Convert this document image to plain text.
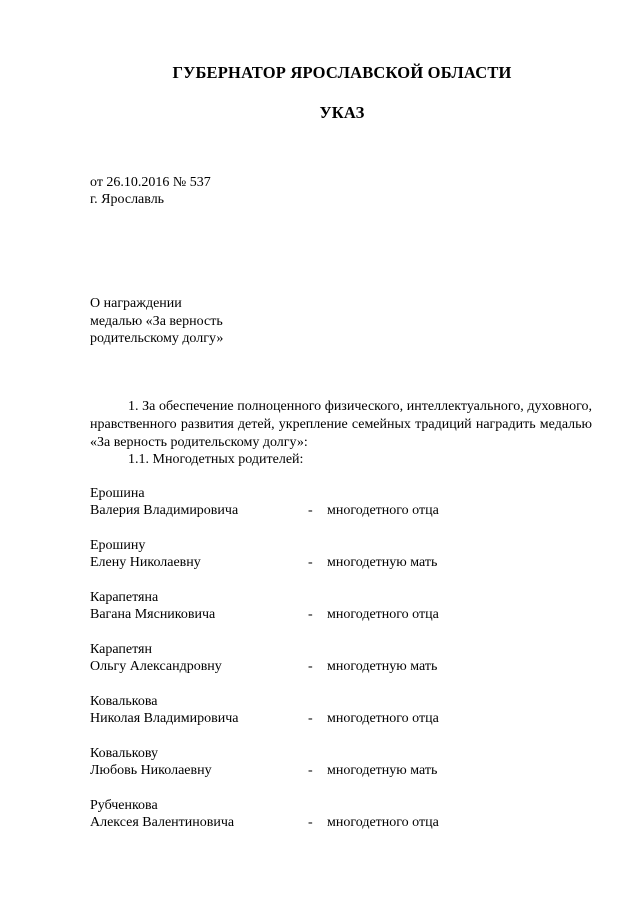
ГУБЕРНАТОР ЯРОСЛАВСКОЙ ОБЛАСТИ
УКАЗ
от 26.10.2016 № 537
г. Ярославль
О награждении
медалью «За верность
родительскому долгу»
1. За обеспечение полноценного физического, интеллектуального, духовного, нравственного развития детей, укрепление семейных традиций наградить медалью «За верность родительскому долгу»:
1.1. Многодетных родителей:
Ерошина
Валерия Владимировича	- многодетного отца
Ерошину
Елену Николаевну	- многодетную мать
Карапетяна
Вагана Мясниковича	- многодетного отца
Карапетян
Ольгу Александровну	- многодетную мать
Ковалькова
Николая Владимировича	- многодетного отца
Ковалькову
Любовь Николаевну	- многодетную мать
Рубченкова
Алексея Валентиновича	- многодетного отца
